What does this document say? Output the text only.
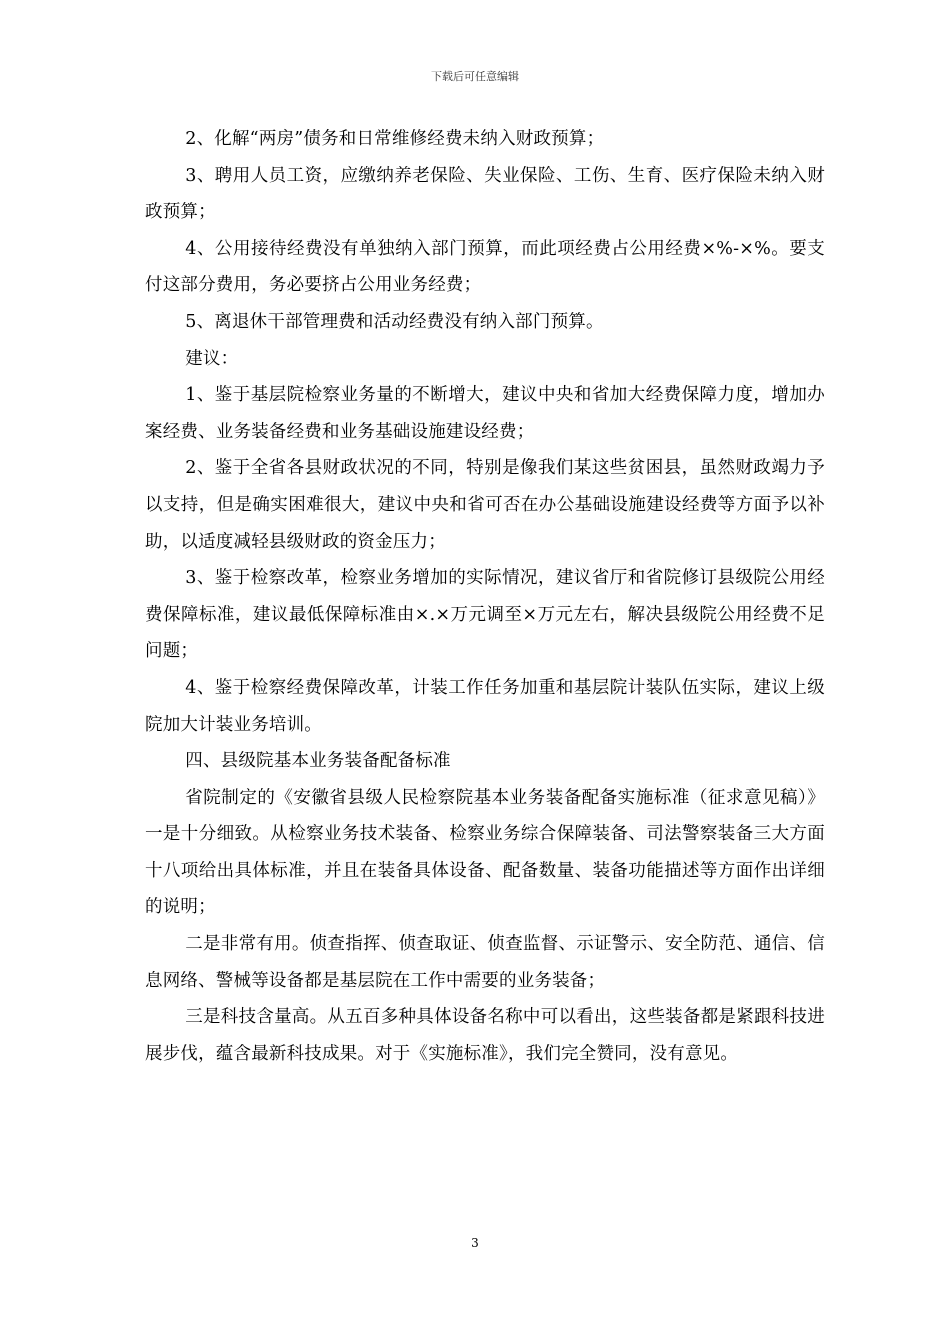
下载后可任意编辑

2、化解“两房”债务和日常维修经费未纳入财政预算；

3、聘用人员工资，应缴纳养老保险、失业保险、工伤、生育、医疗保险未纳入财政预算；

4、公用接待经费没有单独纳入部门预算，而此项经费占公用经费×%-×%。要支付这部分费用，务必要挤占公用业务经费；

5、离退休干部管理费和活动经费没有纳入部门预算。

建议：

1、鉴于基层院检察业务量的不断增大，建议中央和省加大经费保障力度，增加办案经费、业务装备经费和业务基础设施建设经费；

2、鉴于全省各县财政状况的不同，特别是像我们某这些贫困县，虽然财政竭力予以支持，但是确实困难很大，建议中央和省可否在办公基础设施建设经费等方面予以补助，以适度减轻县级财政的资金压力；

3、鉴于检察改革，检察业务增加的实际情况，建议省厅和省院修订县级院公用经费保障标准，建议最低保障标准由×.×万元调至×万元左右，解决县级院公用经费不足问题；

4、鉴于检察经费保障改革，计装工作任务加重和基层院计装队伍实际，建议上级院加大计装业务培训。

四、县级院基本业务装备配备标准

省院制定的《安徽省县级人民检察院基本业务装备配备实施标准（征求意见稿）》一是十分细致。从检察业务技术装备、检察业务综合保障装备、司法警察装备三大方面十八项给出具体标准，并且在装备具体设备、配备数量、装备功能描述等方面作出详细的说明；

二是非常有用。侦查指挥、侦查取证、侦查监督、示证警示、安全防范、通信、信息网络、警械等设备都是基层院在工作中需要的业务装备；

三是科技含量高。从五百多种具体设备名称中可以看出，这些装备都是紧跟科技进展步伐，蕴含最新科技成果。对于《实施标准》，我们完全赞同，没有意见。

3
